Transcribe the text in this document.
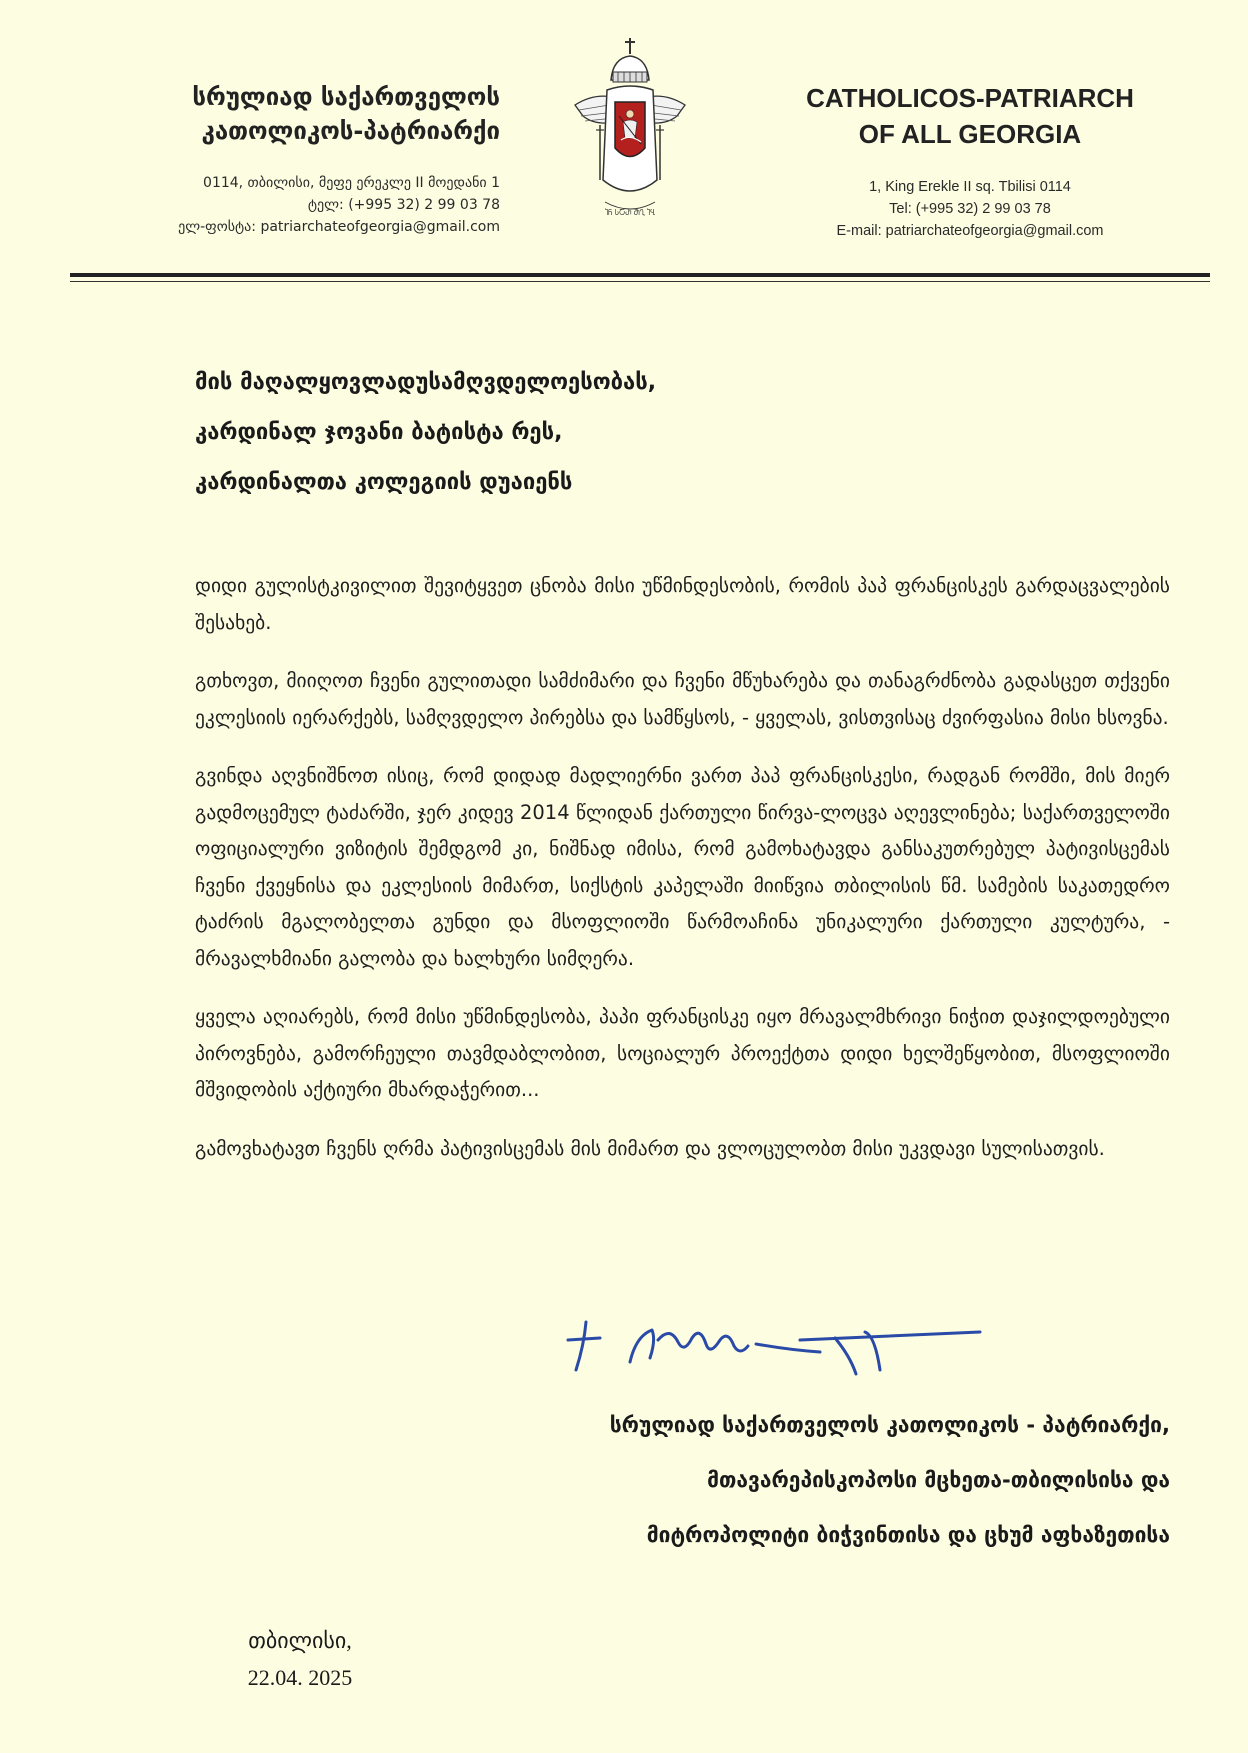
სრულიად საქართველოს
კათოლიკოს-პატრიარქი
0114, თბილისი, მეფე ერეკლე II მოედანი 1
ტელ: (+995 32) 2 99 03 78
ელ-ფოსტა: patriarchateofgeorgia@gmail.com
ႨႬ ႱႠႰ ႫႢ ႨႡ
CATHOLICOS-PATRIARCH
OF ALL GEORGIA
1, King Erekle II sq. Tbilisi 0114
Tel: (+995 32) 2 99 03 78
E-mail: patriarchateofgeorgia@gmail.com
მის მაღალყოვლადუსამღვდელოესობას,
კარდინალ ჯოვანი ბატისტა რეს,
კარდინალთა კოლეგიის დუაიენს

დიდი გულისტკივილით შევიტყვეთ ცნობა მისი უწმინდესობის, რომის პაპ ფრანცისკეს გარდაცვალების შესახებ.

გთხოვთ, მიიღოთ ჩვენი გულითადი სამძიმარი და ჩვენი მწუხარება და თანაგრძნობა გადასცეთ თქვენი ეკლესიის იერარქებს, სამღვდელო პირებსა და სამწყსოს, - ყველას, ვისთვისაც ძვირფასია მისი ხსოვნა.

გვინდა აღვნიშნოთ ისიც, რომ დიდად მადლიერნი ვართ პაპ ფრანცისკესი, რადგან რომში, მის მიერ გადმოცემულ ტაძარში, ჯერ კიდევ 2014 წლიდან ქართული წირვა-ლოცვა აღევლინება; საქართველოში ოფიციალური ვიზიტის შემდგომ კი, ნიშნად იმისა, რომ გამოხატავდა განსაკუთრებულ პატივისცემას ჩვენი ქვეყნისა და ეკლესიის მიმართ, სიქსტის კაპელაში მიიწვია თბილისის წმ. სამების საკათედრო ტაძრის მგალობელთა გუნდი და მსოფლიოში წარმოაჩინა უნიკალური ქართული კულტურა, - მრავალხმიანი გალობა და ხალხური სიმღერა.

ყველა აღიარებს, რომ მისი უწმინდესობა, პაპი ფრანცისკე იყო მრავალმხრივი ნიჭით დაჯილდოებული პიროვნება, გამორჩეული თავმდაბლობით, სოციალურ პროექტთა დიდი ხელშეწყობით, მსოფლიოში მშვიდობის აქტიური მხარდაჭერით...

გამოვხატავთ ჩვენს ღრმა პატივისცემას მის მიმართ და ვლოცულობთ მისი უკვდავი სულისათვის.

სრულიად საქართველოს კათოლიკოს - პატრიარქი,
მთავარეპისკოპოსი მცხეთა-თბილისისა და
მიტროპოლიტი ბიჭვინთისა და ცხუმ აფხაზეთისა
თბილისი,
22.04. 2025
